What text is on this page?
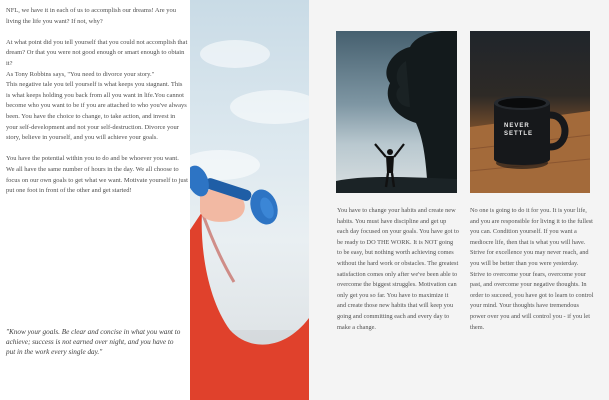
NFL, we have it in each of us to accomplish our dreams! Are you living the life you want? If not, why?

At what point did you tell yourself that you could not accomplish that dream? Or that you were not good enough or smart enough to obtain it?

As Tony Robbins says, "You need to divorce your story."

This negative tale you tell yourself is what keeps you stagnant. This is what keeps holding you back from all you want in life.You cannot become who you want to be if you are attached to who you've always been. You have the choice to change, to take action, and invest in your self-development and not your self-destruction. Divorce your story, believe in yourself, and you will achieve your goals.

You have the potential within you to do and be whoever you want. We all have the same number of hours in the day. We all choose to focus on our own goals to get what we want. Motivate yourself to just put one foot in front of the other and get started!

"Know your goals. Be clear and concise in what you want to achieve; success is not earned over night, and you have to put in the work every single day."
NEVER
SETTLE
You have to change your habits and create new habits. You must have discipline and get up each day focused on your goals. You have got to be ready to DO THE WORK. It is NOT going to be easy, but nothing worth achieving comes without the hard work or obstacles. The greatest satisfaction comes only after we've been able to overcome the biggest struggles. Motivation can only get you so far. You have to maximize it and create those new habits that will keep you going and committing each and every day to make a change.
No one is going to do it for you. It is your life, and you are responsible for living it to the fullest you can. Condition yourself. If you want a mediocre life, then that is what you will have. Strive for excellence you may never reach, and you will be better than you were yesterday. Strive to overcome your fears, overcome your past, and overcome your negative thoughts. In order to succeed, you have got to learn to control your mind. Your thoughts have tremendous power over you and will control you - if you let them.
